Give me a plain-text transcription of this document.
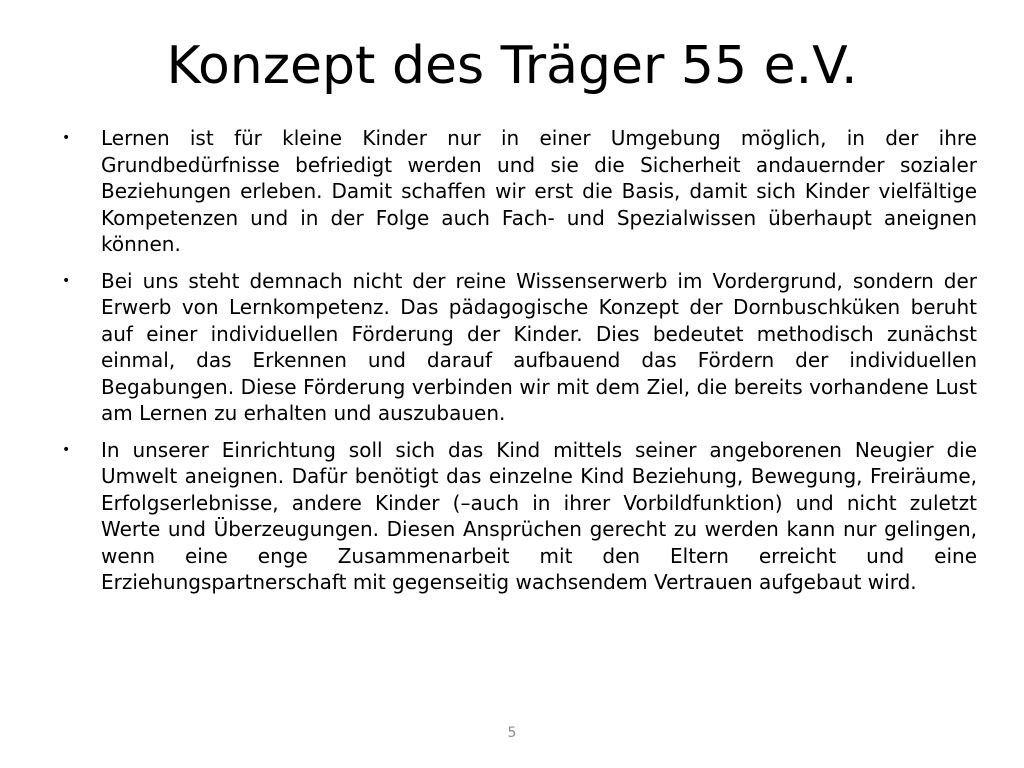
Konzept des Träger 55 e.V.
• Lernen ist für kleine Kinder nur in einer Umgebung möglich, in der ihre Grundbedürfnisse befriedigt werden und sie die Sicherheit andauernder sozialer Beziehungen erleben. Damit schaffen wir erst die Basis, damit sich Kinder vielfältige Kompetenzen und in der Folge auch Fach- und Spezialwissen überhaupt aneignen können.
• Bei uns steht demnach nicht der reine Wissenserwerb im Vordergrund, sondern der Erwerb von Lernkompetenz. Das pädagogische Konzept der Dornbuschküken beruht auf einer individuellen Förderung der Kinder. Dies bedeutet methodisch zunächst einmal, das Erkennen und darauf aufbauend das Fördern der individuellen Begabungen. Diese Förderung verbinden wir mit dem Ziel, die bereits vorhandene Lust am Lernen zu erhalten und auszubauen.
• In unserer Einrichtung soll sich das Kind mittels seiner angeborenen Neugier die Umwelt aneignen. Dafür benötigt das einzelne Kind Beziehung, Bewegung, Freiräume, Erfolgserlebnisse, andere Kinder (–auch in ihrer Vorbildfunktion) und nicht zuletzt Werte und Überzeugungen. Diesen Ansprüchen gerecht zu werden kann nur gelingen, wenn eine enge Zusammenarbeit mit den Eltern erreicht und eine Erziehungspartnerschaft mit gegenseitig wachsendem Vertrauen aufgebaut wird.
5
